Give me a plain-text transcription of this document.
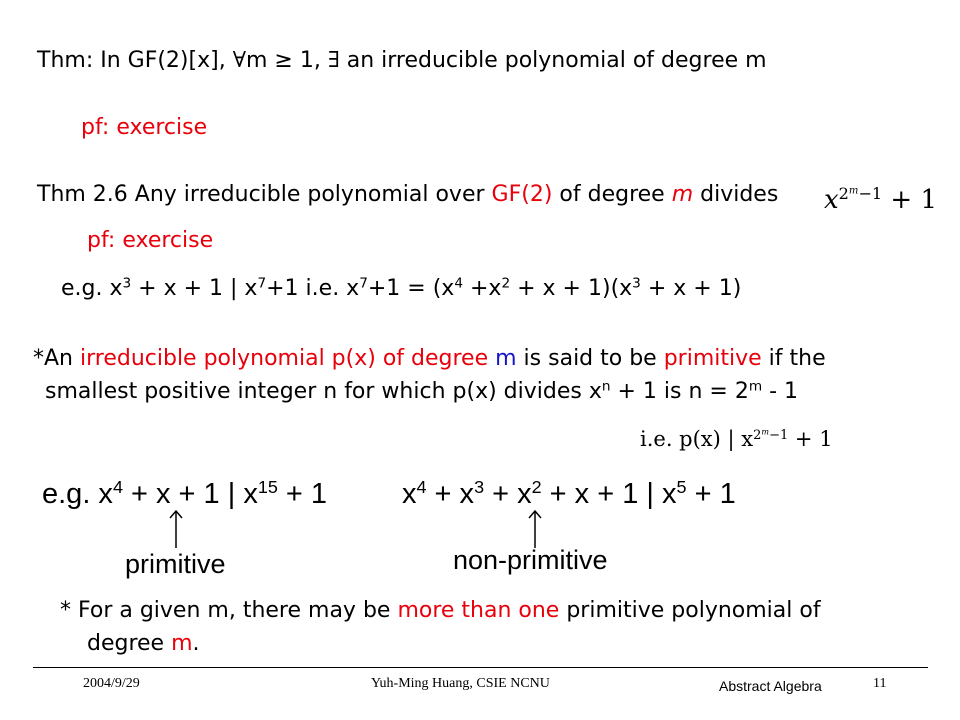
Thm: In GF(2)[x], ∀m ≥ 1, ∃ an irreducible polynomial of degree m
pf: exercise
Thm 2.6 Any irreducible polynomial over GF(2) of degree m divides $x^{2^m-1} + 1$
pf: exercise
e.g. $x^3 + x + 1$ | $x^7+1$ i.e. $x^7+1 = (x^4 +x^2 + x + 1)(x^3 + x + 1)$
*An irreducible polynomial p(x) of degree m is said to be primitive if the
smallest positive integer n for which p(x) divides $x^n + 1$ is $n = 2^m - 1$
i.e. p(x) | $x^{2^m-1} + 1$
e.g. $x^4 + x + 1$ | $x^{15} + 1$	$x^4 + x^3 + x^2 + x + 1$ | $x^5 + 1$
primitive	non-primitive
* For a given m, there may be more than one primitive polynomial of
degree m.
2004/9/29	Yuh-Ming Huang, CSIE NCNU	Abstract Algebra	11
